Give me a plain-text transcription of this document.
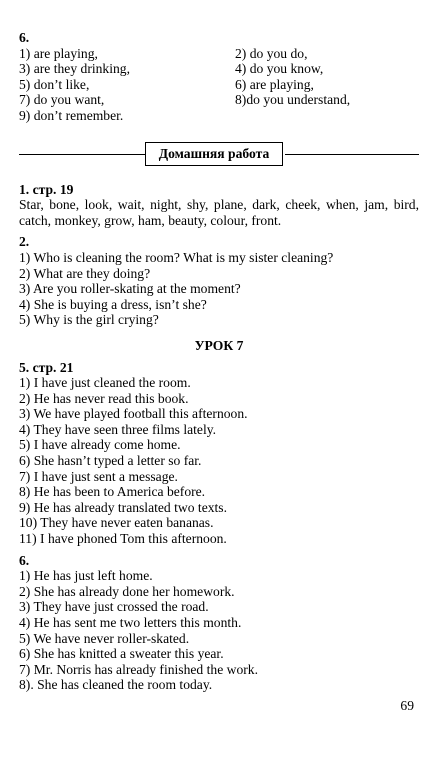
6.
1) are playing,
3) are they drinking,
5) don’t like,
7) do you want,
9) don’t remember.
2) do you do,
4) do you know,
6) are playing,
8)do you understand,
Домашняя работа
1. стр. 19
Star, bone, look, wait, night, shy, plane, dark, cheek, when, jam, bird, catch, monkey, grow, ham, beauty, colour, front.
2.
1) Who is cleaning the room? What is my sister cleaning?
2) What are they doing?
3) Are you roller-skating at the moment?
4) She is buying a dress, isn’t she?
5) Why is the girl crying?
УРОК 7
5. стр. 21
1) I have just cleaned the room.
2) He has never read this book.
3) We have played football this afternoon.
4) They have seen three films lately.
5) I have already come home.
6) She hasn’t typed a letter so far.
7) I have just sent a message.
8) He has been to America before.
9) He has already translated two texts.
10) They have never eaten bananas.
11) I have phoned Tom this afternoon.
6.
1) He has just left home.
2) She has already done her homework.
3) They have just crossed the road.
4) He has sent me two letters this month.
5) We have never roller-skated.
6) She has knitted a sweater this year.
7) Mr. Norris has already finished the work.
8). She has cleaned the room today.
69
